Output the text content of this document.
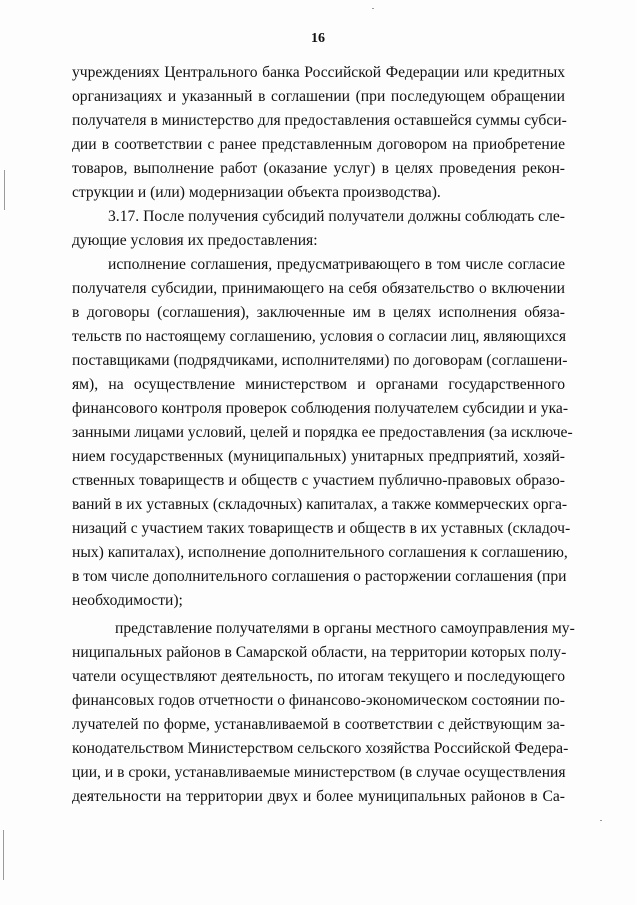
16
учреждениях Центрального банка Российской Федерации или кредитных
организациях и указанный в соглашении (при последующем обращении
получателя в министерство для предоставления оставшейся суммы субси-
дии в соответствии с ранее представленным договором на приобретение
товаров, выполнение работ (оказание услуг) в целях проведения рекон-
струкции и (или) модернизации объекта производства).
3.17. После получения субсидий получатели должны соблюдать сле-
дующие условия их предоставления:
исполнение соглашения, предусматривающего в том числе согласие
получателя субсидии, принимающего на себя обязательство о включении
в договоры (соглашения), заключенные им в целях исполнения обяза-
тельств по настоящему соглашению, условия о согласии лиц, являющихся
поставщиками (подрядчиками, исполнителями) по договорам (соглашени-
ям), на осуществление министерством и органами государственного
финансового контроля проверок соблюдения получателем субсидии и ука-
занными лицами условий, целей и порядка ее предоставления (за исключе-
нием государственных (муниципальных) унитарных предприятий, хозяй-
ственных товариществ и обществ с участием публично-правовых образо-
ваний в их уставных (складочных) капиталах, а также коммерческих орга-
низаций с участием таких товариществ и обществ в их уставных (складоч-
ных) капиталах), исполнение дополнительного соглашения к соглашению,
в том числе дополнительного соглашения о расторжении соглашения (при
необходимости);
представление получателями в органы местного самоуправления му-
ниципальных районов в Самарской области, на территории которых полу-
чатели осуществляют деятельность, по итогам текущего и последующего
финансовых годов отчетности о финансово-экономическом состоянии по-
лучателей по форме, устанавливаемой в соответствии с действующим за-
конодательством Министерством сельского хозяйства Российской Федера-
ции, и в сроки, устанавливаемые министерством (в случае осуществления
деятельности на территории двух и более муниципальных районов в Са-
